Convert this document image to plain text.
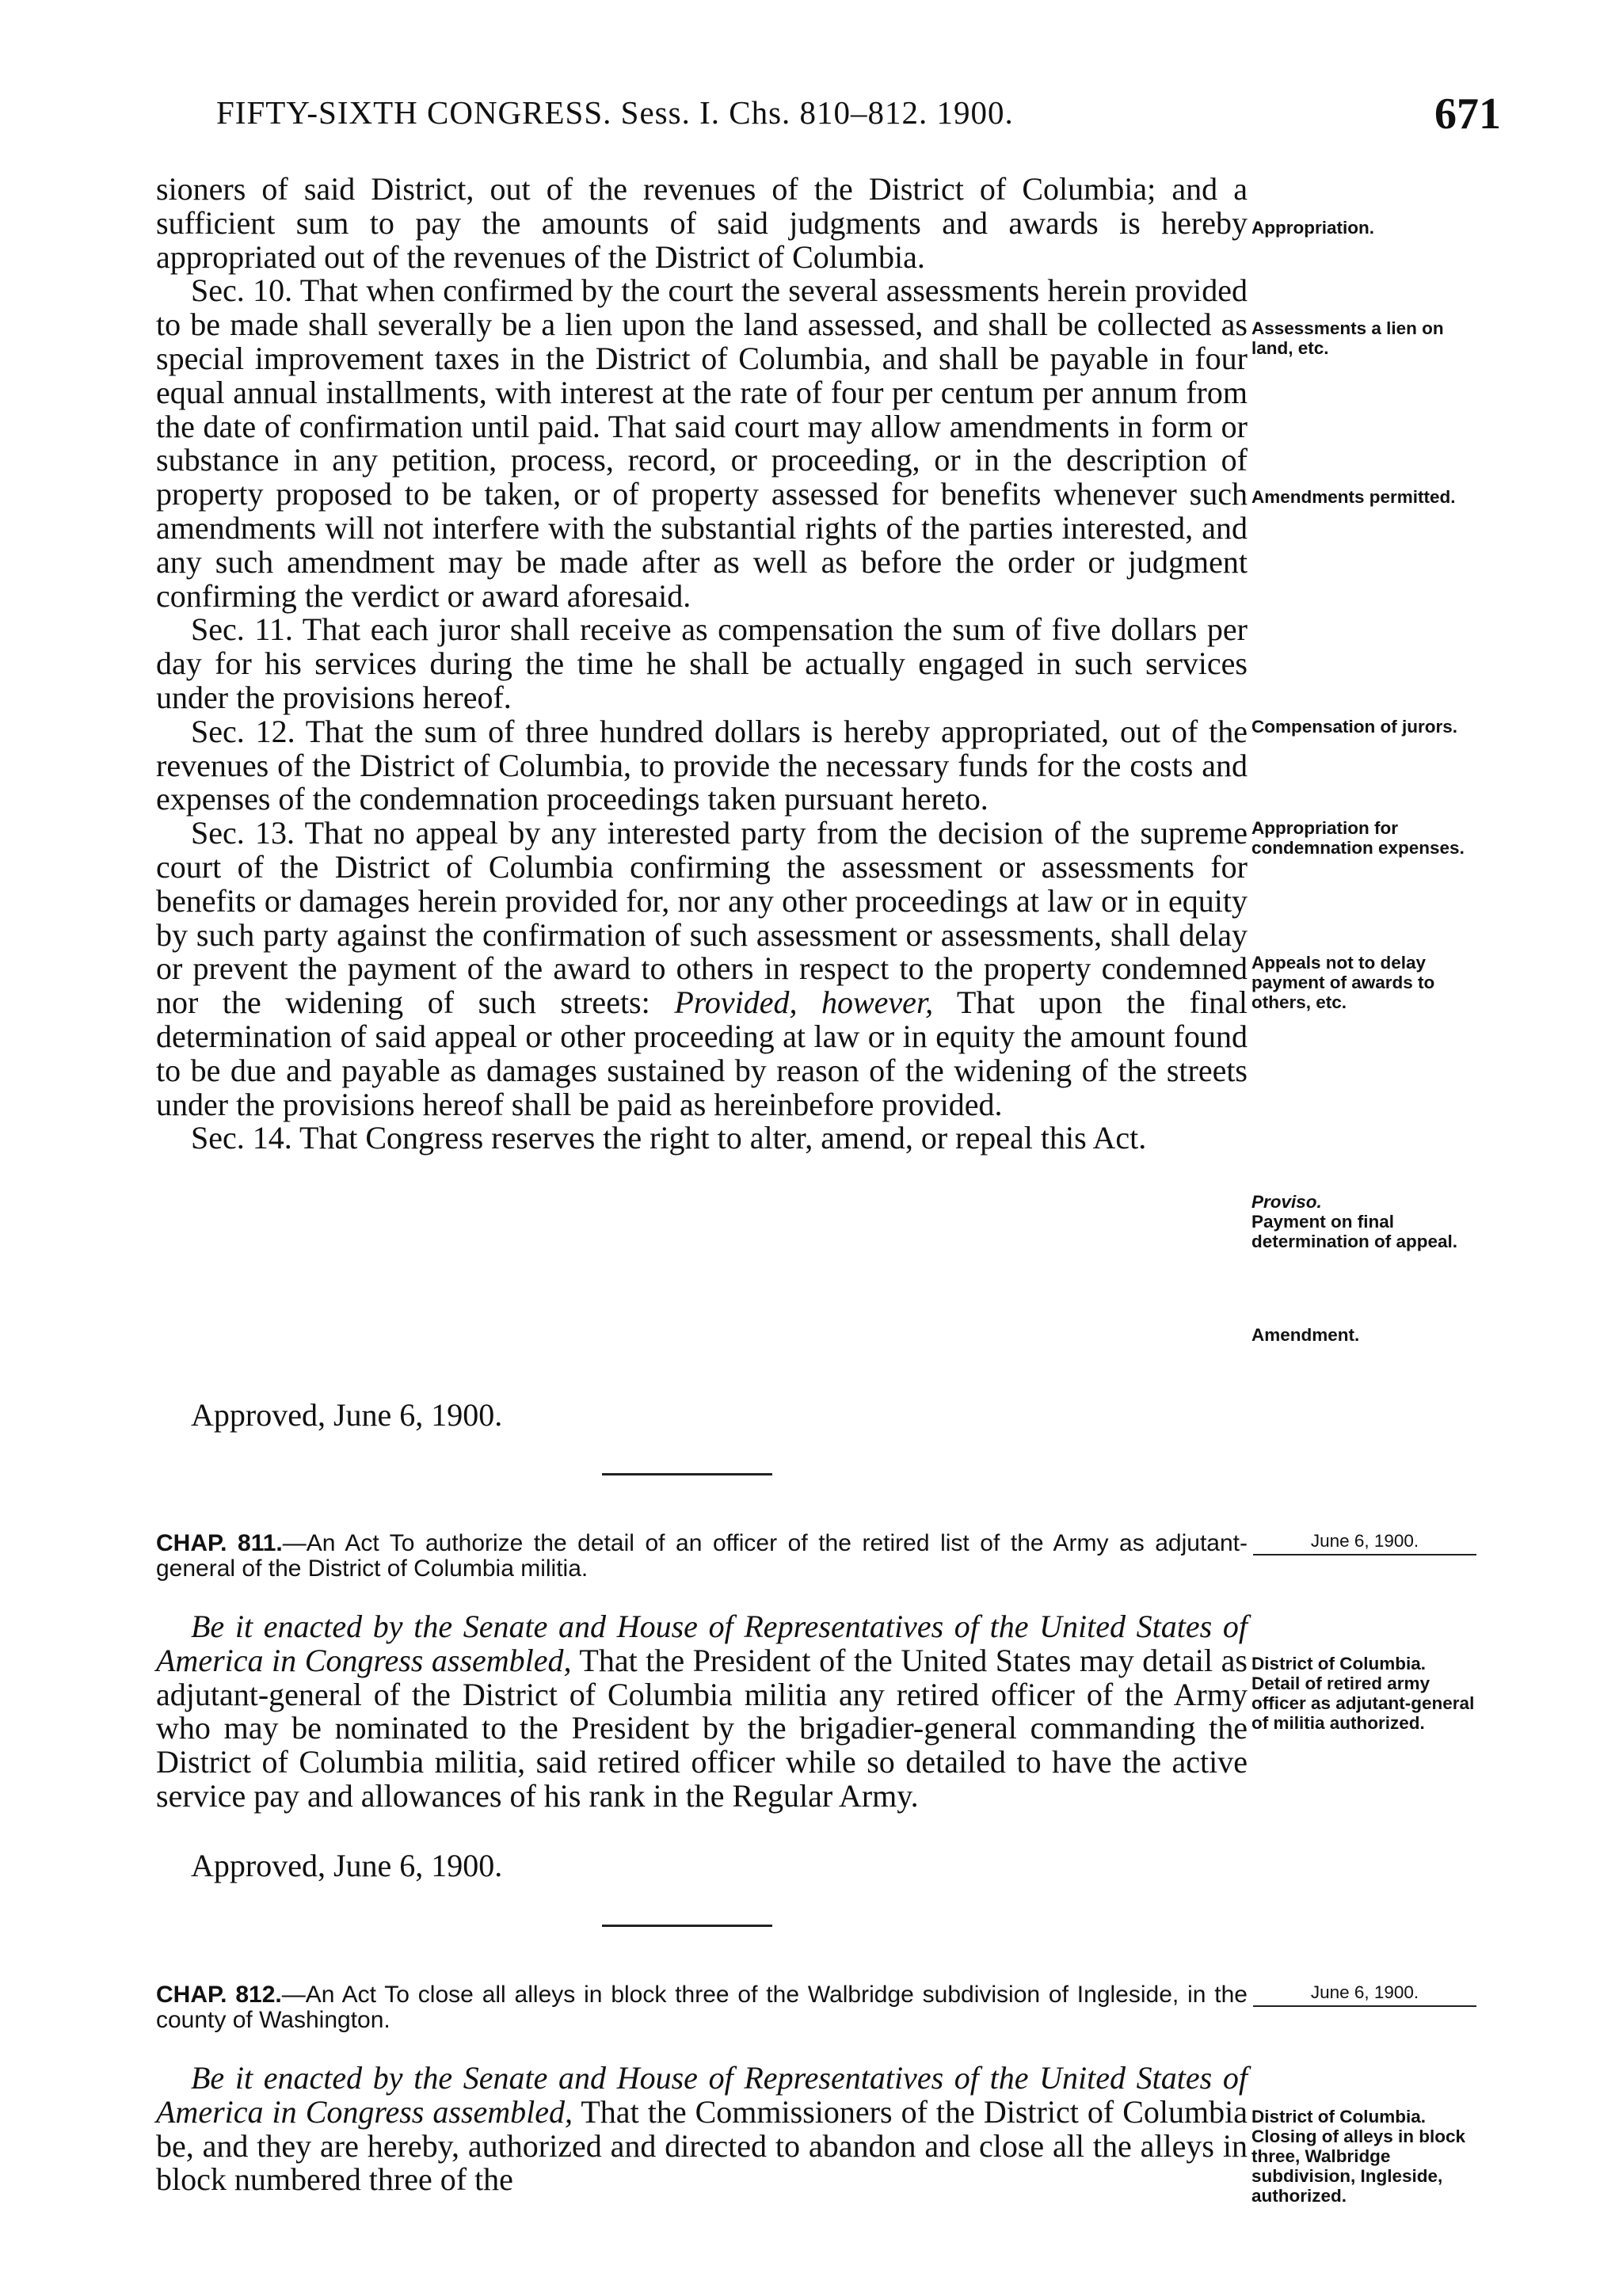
FIFTY-SIXTH CONGRESS. Sess. I. Chs. 810–812. 1900.	671

sioners of said District, out of the revenues of the District of Columbia; and a sufficient sum to pay the amounts of said judgments and awards is hereby appropriated out of the revenues of the District of Columbia.

Sec. 10. That when confirmed by the court the several assessments herein provided to be made shall severally be a lien upon the land assessed, and shall be collected as special improvement taxes in the District of Columbia, and shall be payable in four equal annual installments, with interest at the rate of four per centum per annum from the date of confirmation until paid. That said court may allow amendments in form or substance in any petition, process, record, or proceeding, or in the description of property proposed to be taken, or of property assessed for benefits whenever such amendments will not interfere with the substantial rights of the parties interested, and any such amendment may be made after as well as before the order or judgment confirming the verdict or award aforesaid.

Sec. 11. That each juror shall receive as compensation the sum of five dollars per day for his services during the time he shall be actually engaged in such services under the provisions hereof.

Sec. 12. That the sum of three hundred dollars is hereby appropriated, out of the revenues of the District of Columbia, to provide the necessary funds for the costs and expenses of the condemnation proceedings taken pursuant hereto.

Sec. 13. That no appeal by any interested party from the decision of the supreme court of the District of Columbia confirming the assessment or assessments for benefits or damages herein provided for, nor any other proceedings at law or in equity by such party against the confirmation of such assessment or assessments, shall delay or prevent the payment of the award to others in respect to the property condemned nor the widening of such streets: Provided, however, That upon the final determination of said appeal or other proceeding at law or in equity the amount found to be due and payable as damages sustained by reason of the widening of the streets under the provisions hereof shall be paid as hereinbefore provided.

Sec. 14. That Congress reserves the right to alter, amend, or repeal this Act.

Approved, June 6, 1900.
Appropriation.
Assessments a lien on land, etc.
Amendments permitted.
Compensation of jurors.
Appropriation for condemnation expenses.
Appeals not to delay payment of awards to others, etc.
Proviso.
Payment on final determination of appeal.
Amendment.
CHAP. 811.—An Act To authorize the detail of an officer of the retired list of the Army as adjutant-general of the District of Columbia militia.
June 6, 1900.

Be it enacted by the Senate and House of Representatives of the United States of America in Congress assembled, That the President of the United States may detail as adjutant-general of the District of Columbia militia any retired officer of the Army who may be nominated to the President by the brigadier-general commanding the District of Columbia militia, said retired officer while so detailed to have the active service pay and allowances of his rank in the Regular Army.

Approved, June 6, 1900.
District of Columbia.
Detail of retired army officer as adjutant-general of militia authorized.
CHAP. 812.—An Act To close all alleys in block three of the Walbridge subdivision of Ingleside, in the county of Washington.
June 6, 1900.

Be it enacted by the Senate and House of Representatives of the United States of America in Congress assembled, That the Commissioners of the District of Columbia be, and they are hereby, authorized and directed to abandon and close all the alleys in block numbered three of the

District of Columbia.
Closing of alleys in block three, Walbridge subdivision, Ingleside, authorized.
